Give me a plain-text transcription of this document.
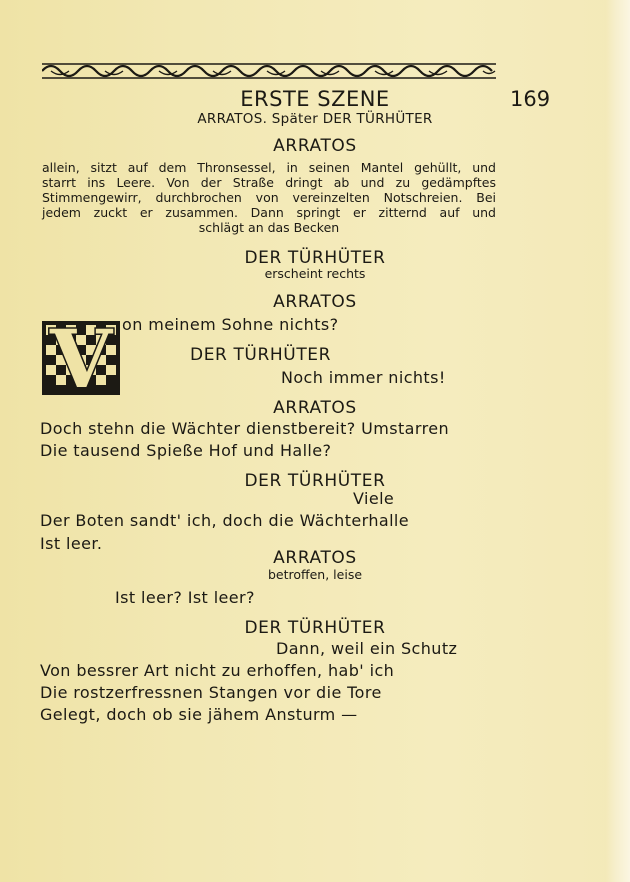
ERSTE SZENE	169
ARRATOS. Später DER TÜRHÜTER
ARRATOS
allein, sitzt auf dem Thronsessel, in seinen Mantel gehüllt, und
starrt ins Leere. Von der Straße dringt ab und zu gedämpftes
Stimmengewirr, durchbrochen von vereinzelten Notschreien. Bei
jedem zuckt er zusammen. Dann springt er zitternd auf und
schlägt an das Becken
DER TÜRHÜTER
erscheint rechts
ARRATOS
V on meinem Sohne nichts?
DER TÜRHÜTER
Noch immer nichts!
ARRATOS
Doch stehn die Wächter dienstbereit? Umstarren
Die tausend Spieße Hof und Halle?
DER TÜRHÜTER
Viele
Der Boten sandt' ich, doch die Wächterhalle
Ist leer.
ARRATOS
betroffen, leise
Ist leer? Ist leer?
DER TÜRHÜTER
Dann, weil ein Schutz
Von bessrer Art nicht zu erhoffen, hab' ich
Die rostzerfressnen Stangen vor die Tore
Gelegt, doch ob sie jähem Ansturm —
